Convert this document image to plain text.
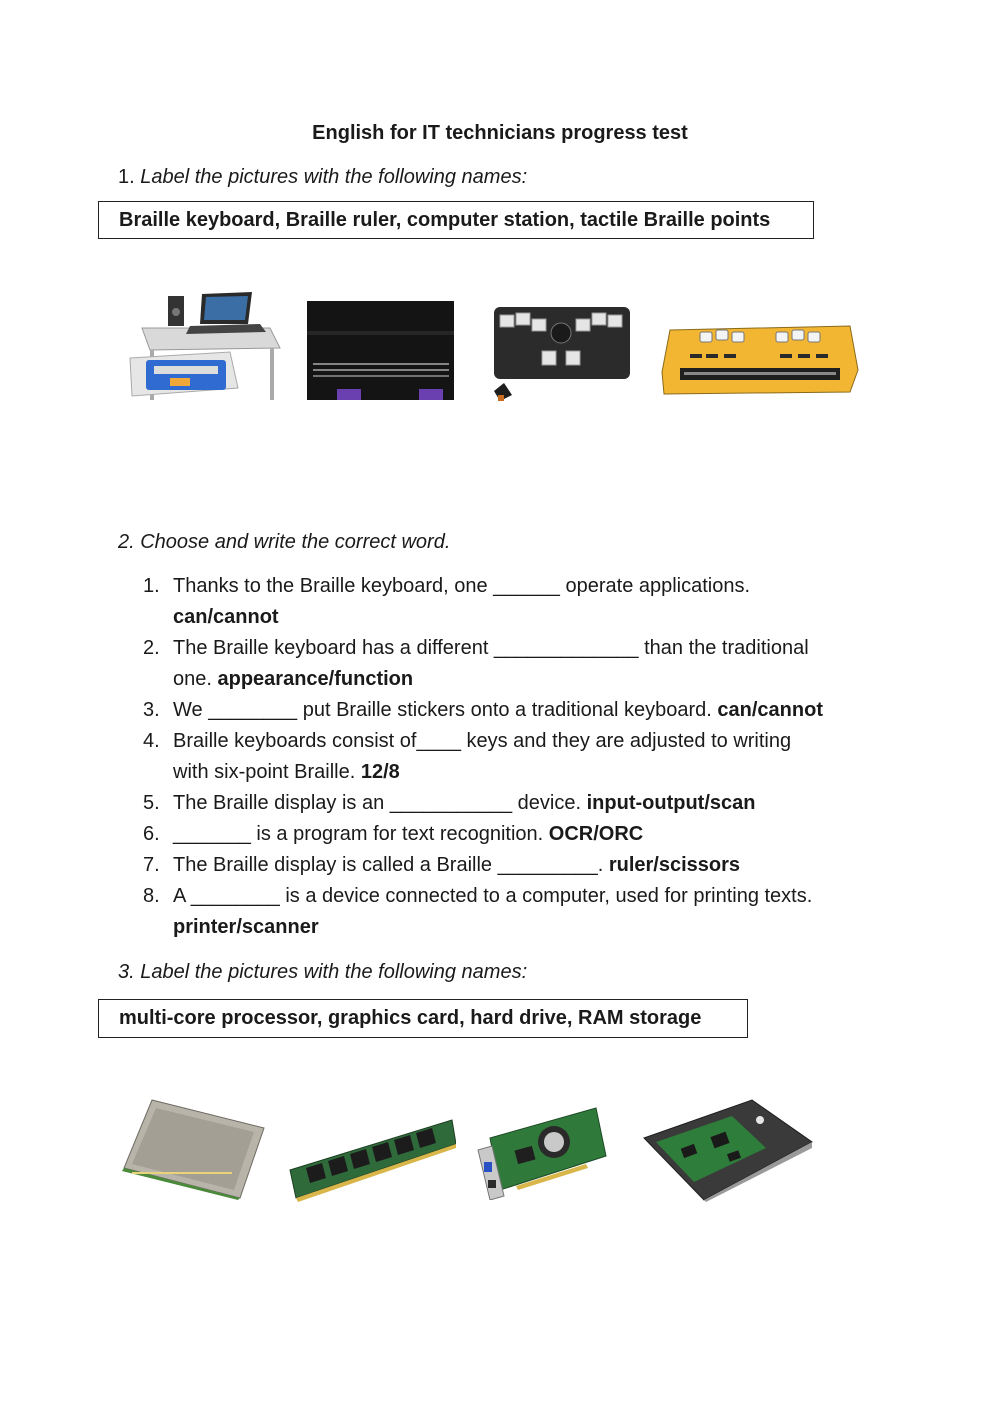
English for IT technicians progress test
1. Label the pictures with the following names:
Braille keyboard, Braille ruler, computer station, tactile Braille points
2. Choose and write the correct word.
1. Thanks to the Braille keyboard, one ______ operate applications.
can/cannot
2. The Braille keyboard has a different _____________ than the traditional
one. appearance/function
3. We ________ put Braille stickers onto a traditional keyboard. can/cannot
4. Braille keyboards consist of____ keys and they are adjusted to writing
with six-point Braille. 12/8
5. The Braille display is an ___________ device. input-output/scan
6. _______ is a program for text recognition. OCR/ORC
7. The Braille display is called a Braille _________. ruler/scissors
8. A ________ is a device connected to a computer, used for printing texts.
printer/scanner
3. Label the pictures with the following names:
multi-core processor, graphics card, hard drive, RAM storage
